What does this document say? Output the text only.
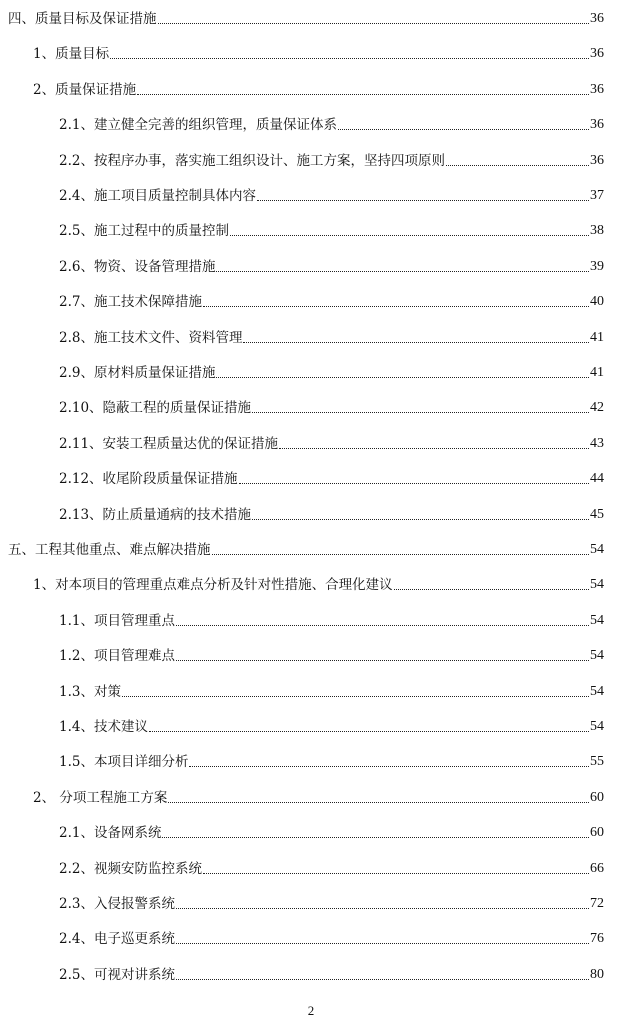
四、质量目标及保证措施	36
1、质量目标	36
2、质量保证措施	36
2.1、建立健全完善的组织管理，质量保证体系	36
2.2、按程序办事，落实施工组织设计、施工方案，坚持四项原则	36
2.4、施工项目质量控制具体内容	37
2.5、施工过程中的质量控制	38
2.6、物资、设备管理措施	39
2.7、施工技术保障措施	40
2.8、施工技术文件、资料管理	41
2.9、原材料质量保证措施	41
2.10、隐蔽工程的质量保证措施	42
2.11、安装工程质量达优的保证措施	43
2.12、收尾阶段质量保证措施	44
2.13、防止质量通病的技术措施	45
五、工程其他重点、难点解决措施	54
1、对本项目的管理重点难点分析及针对性措施、合理化建议	54
1.1、项目管理重点	54
1.2、项目管理难点	54
1.3、对策	54
1.4、技术建议	54
1.5、本项目详细分析	55
2、 分项工程施工方案	60
2.1、设备网系统	60
2.2、视频安防监控系统	66
2.3、入侵报警系统	72
2.4、电子巡更系统	76
2.5、可视对讲系统	80
2
